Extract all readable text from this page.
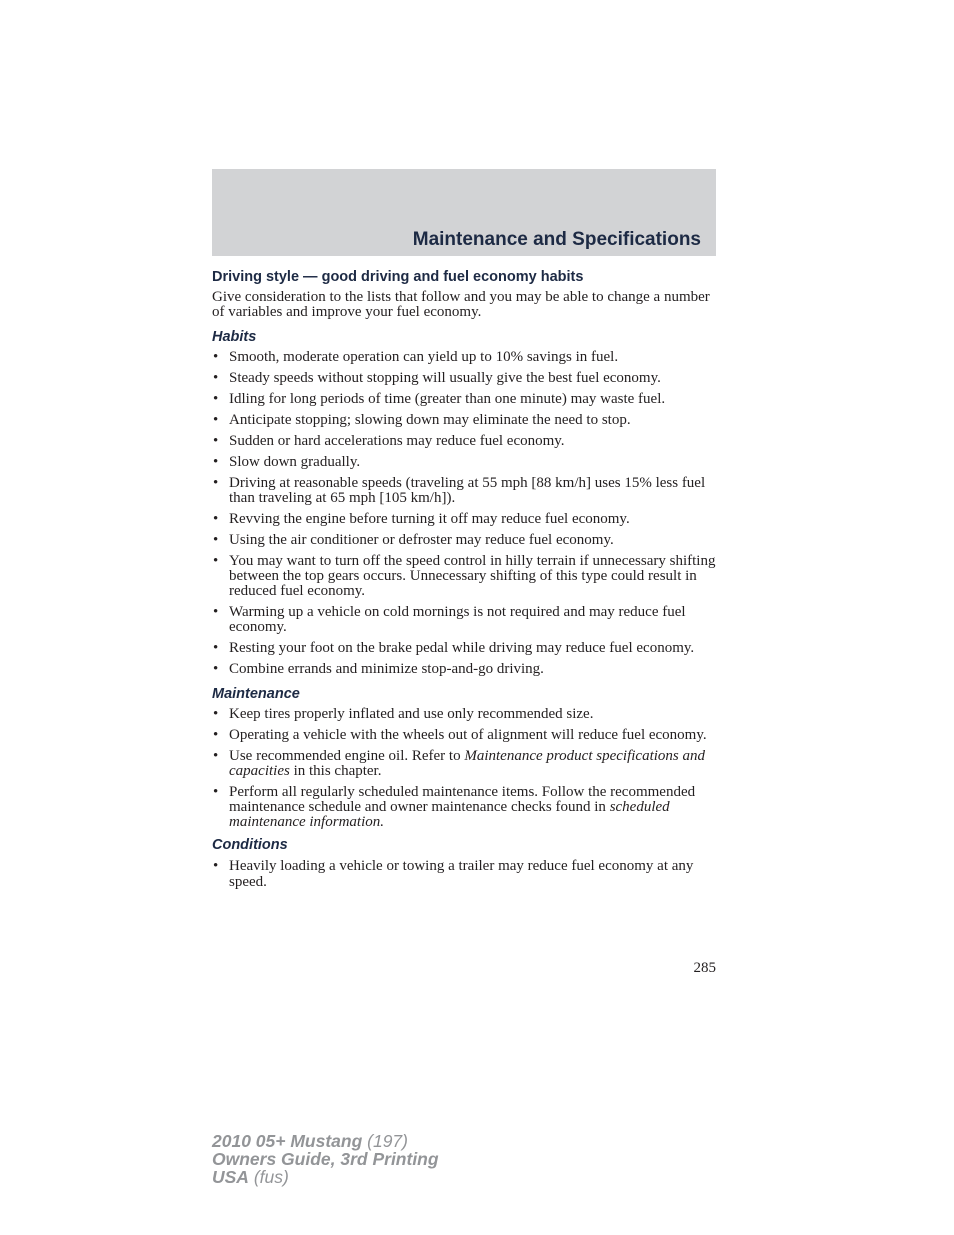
Maintenance and Specifications
Driving style — good driving and fuel economy habits

Give consideration to the lists that follow and you may be able to change a number of variables and improve your fuel economy.

Habits
• Smooth, moderate operation can yield up to 10% savings in fuel.
• Steady speeds without stopping will usually give the best fuel economy.
• Idling for long periods of time (greater than one minute) may waste fuel.
• Anticipate stopping; slowing down may eliminate the need to stop.
• Sudden or hard accelerations may reduce fuel economy.
• Slow down gradually.
• Driving at reasonable speeds (traveling at 55 mph [88 km/h] uses 15% less fuel than traveling at 65 mph [105 km/h]).
• Revving the engine before turning it off may reduce fuel economy.
• Using the air conditioner or defroster may reduce fuel economy.
• You may want to turn off the speed control in hilly terrain if unnecessary shifting between the top gears occurs. Unnecessary shifting of this type could result in reduced fuel economy.
• Warming up a vehicle on cold mornings is not required and may reduce fuel economy.
• Resting your foot on the brake pedal while driving may reduce fuel economy.
• Combine errands and minimize stop-and-go driving.
Maintenance
• Keep tires properly inflated and use only recommended size.
• Operating a vehicle with the wheels out of alignment will reduce fuel economy.
• Use recommended engine oil. Refer to Maintenance product specifications and capacities in this chapter.
• Perform all regularly scheduled maintenance items. Follow the recommended maintenance schedule and owner maintenance checks found in scheduled maintenance information.
Conditions
• Heavily loading a vehicle or towing a trailer may reduce fuel economy at any speed.
285
2010 05+ Mustang (197)
Owners Guide, 3rd Printing
USA (fus)
